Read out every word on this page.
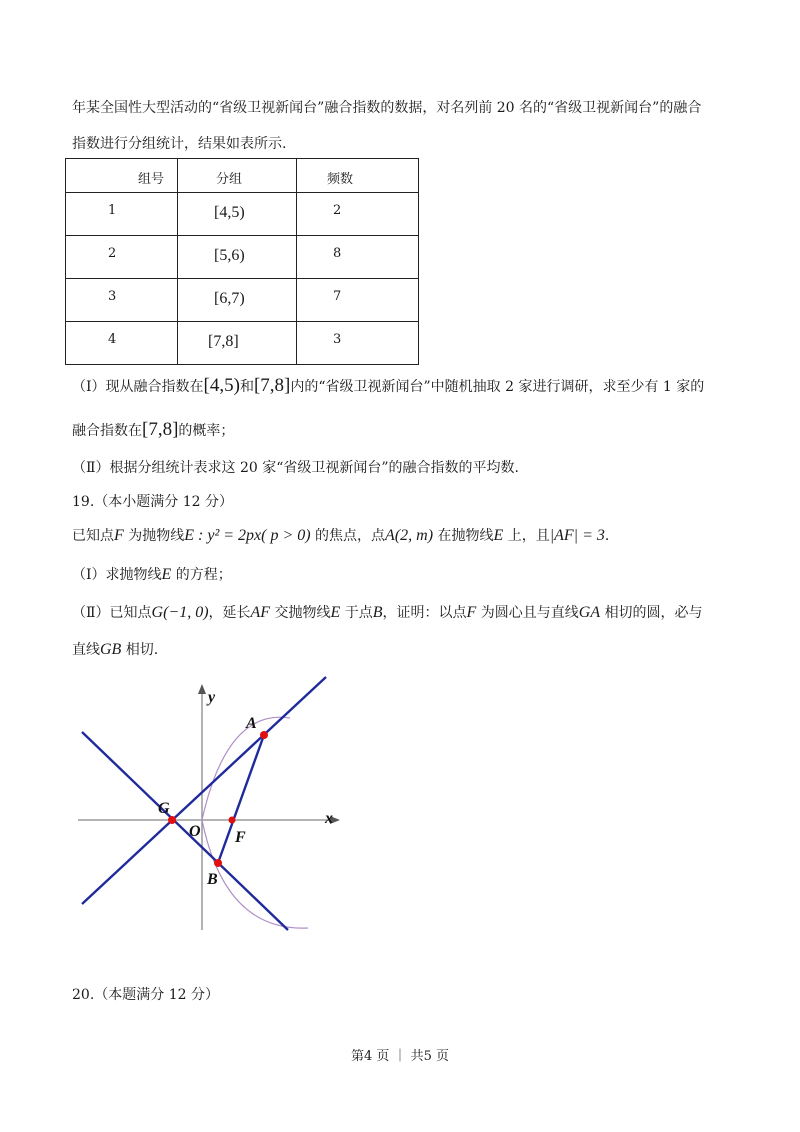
年某全国性大型活动的“省级卫视新闻台”融合指数的数据，对名列前 20 名的“省级卫视新闻台”的融合
指数进行分组统计，结果如表所示.
组号	分组	频数

1	[4,5)	2

2	[5,6)	8

3	[6,7)	7

4	[7,8]	3
（Ⅰ）现从融合指数在[4,5)和[7,8]内的“省级卫视新闻台”中随机抽取 2 家进行调研，求至少有 1 家的
融合指数在[7,8]的概率；
（Ⅱ）根据分组统计表求这 20 家“省级卫视新闻台”的融合指数的平均数.
19.（本小题满分 12 分）
已知点F 为抛物线E : y² = 2px( p > 0) 的焦点，点A(2, m) 在抛物线E 上，且|AF| = 3.
（Ⅰ）求抛物线E 的方程；
（Ⅱ）已知点G(−1, 0)，延长AF 交抛物线E 于点B，证明：以点F 为圆心且与直线GA 相切的圆，必与
直线GB 相切.
y
x
A
G
O F
B
20.（本题满分 12 分）
第4 页 ｜ 共5 页
